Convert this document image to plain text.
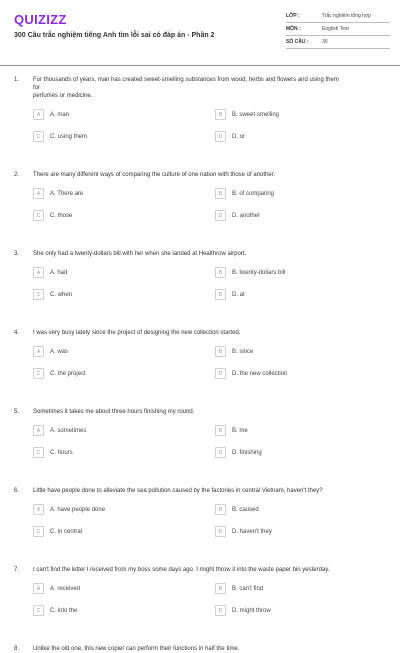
QUIZIZZ
300 Câu trắc nghiệm tiếng Anh tìm lỗi sai có đáp án - Phần 2
LỚP :	Trắc nghiệm tổng hợp
MÔN :	English Test
SỐ CÂU :	30
1.	For thousands of years, man has created sweet-smelling substances from wood, herbs and flowers and using them
for
perfumes or medicine.
A	A. man	B	B. sweet-smelling
C	C. using them	D	D. or
2.	There are many different ways of comparing the culture of one nation with those of another.
A	A. There are	B	B. of comparing
C	C. those	D	D. another
3.	She only had a twenty-dollars bill with her when she landed at Healthrow airport.
A	A. had	B	B. twenty-dollars bill
C	C. when	D	D. at
4.	I was very busy lately since the project of designing the new collection started.
A	A. was	B	B. since
C	C. the project	D	D. the new collection
5.	Sometimes it takes me about three hours finishing my round.
A	A. sometimes	B	B. me
C	C. hours	D	D. finishing
6.	Little have people done to alleviate the sea pollution caused by the factories in central Vietnam, haven't they?
A	A. have people done	B	B. caused
C	C. in central	D	D. haven't they
7.	I can't find the letter I received from my boss some days ago. I might throw it into the waste paper bin yesterday.
A	A. received	B	B. can't find
C	C. into the	D	D. might throw
8.	Unlike the old one, this new copier can perform their functions in half the time.
